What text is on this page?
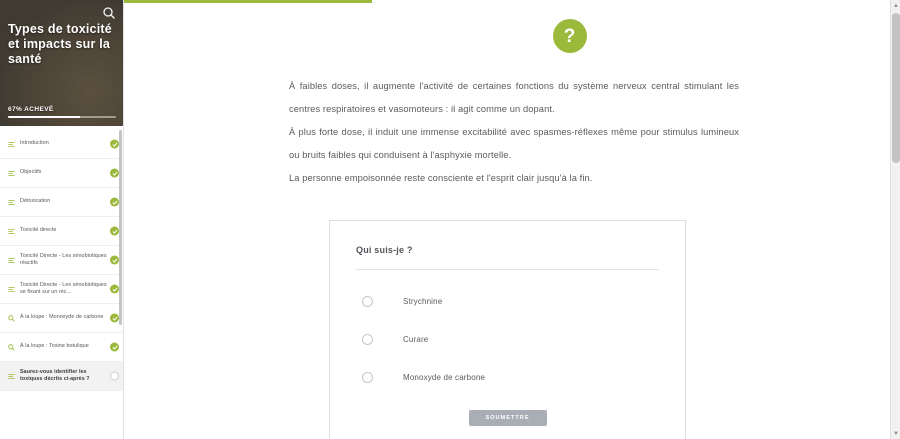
Types de toxicité et impacts sur la santé
67% ACHEVÉ
Introduction
Objectifs
Détoxication
Toxicité directe
Toxicité Directe - Les xénobiotiques réactifs
Toxicité Directe - Les xénobiotiques se fixant sur un réc...
À la loupe : Monoxyde de carbone
À la loupe : Toxine botulique
Saurez-vous identifier les toxiques décrits ci-après ?
?

À faibles doses, il augmente l'activité de certaines fonctions du système nerveux central stimulant les centres respiratoires et vasomoteurs : il agit comme un dopant.

À plus forte dose, il induit une immense excitabilité avec spasmes-réflexes même pour stimulus lumineux ou bruits faibles qui conduisent à l'asphyxie mortelle.

La personne empoisonnée reste consciente et l'esprit clair jusqu'à la fin.

Qui suis-je ?
Strychnine
Curare
Monoxyde de carbone
SOUMETTRE
▲
▼
